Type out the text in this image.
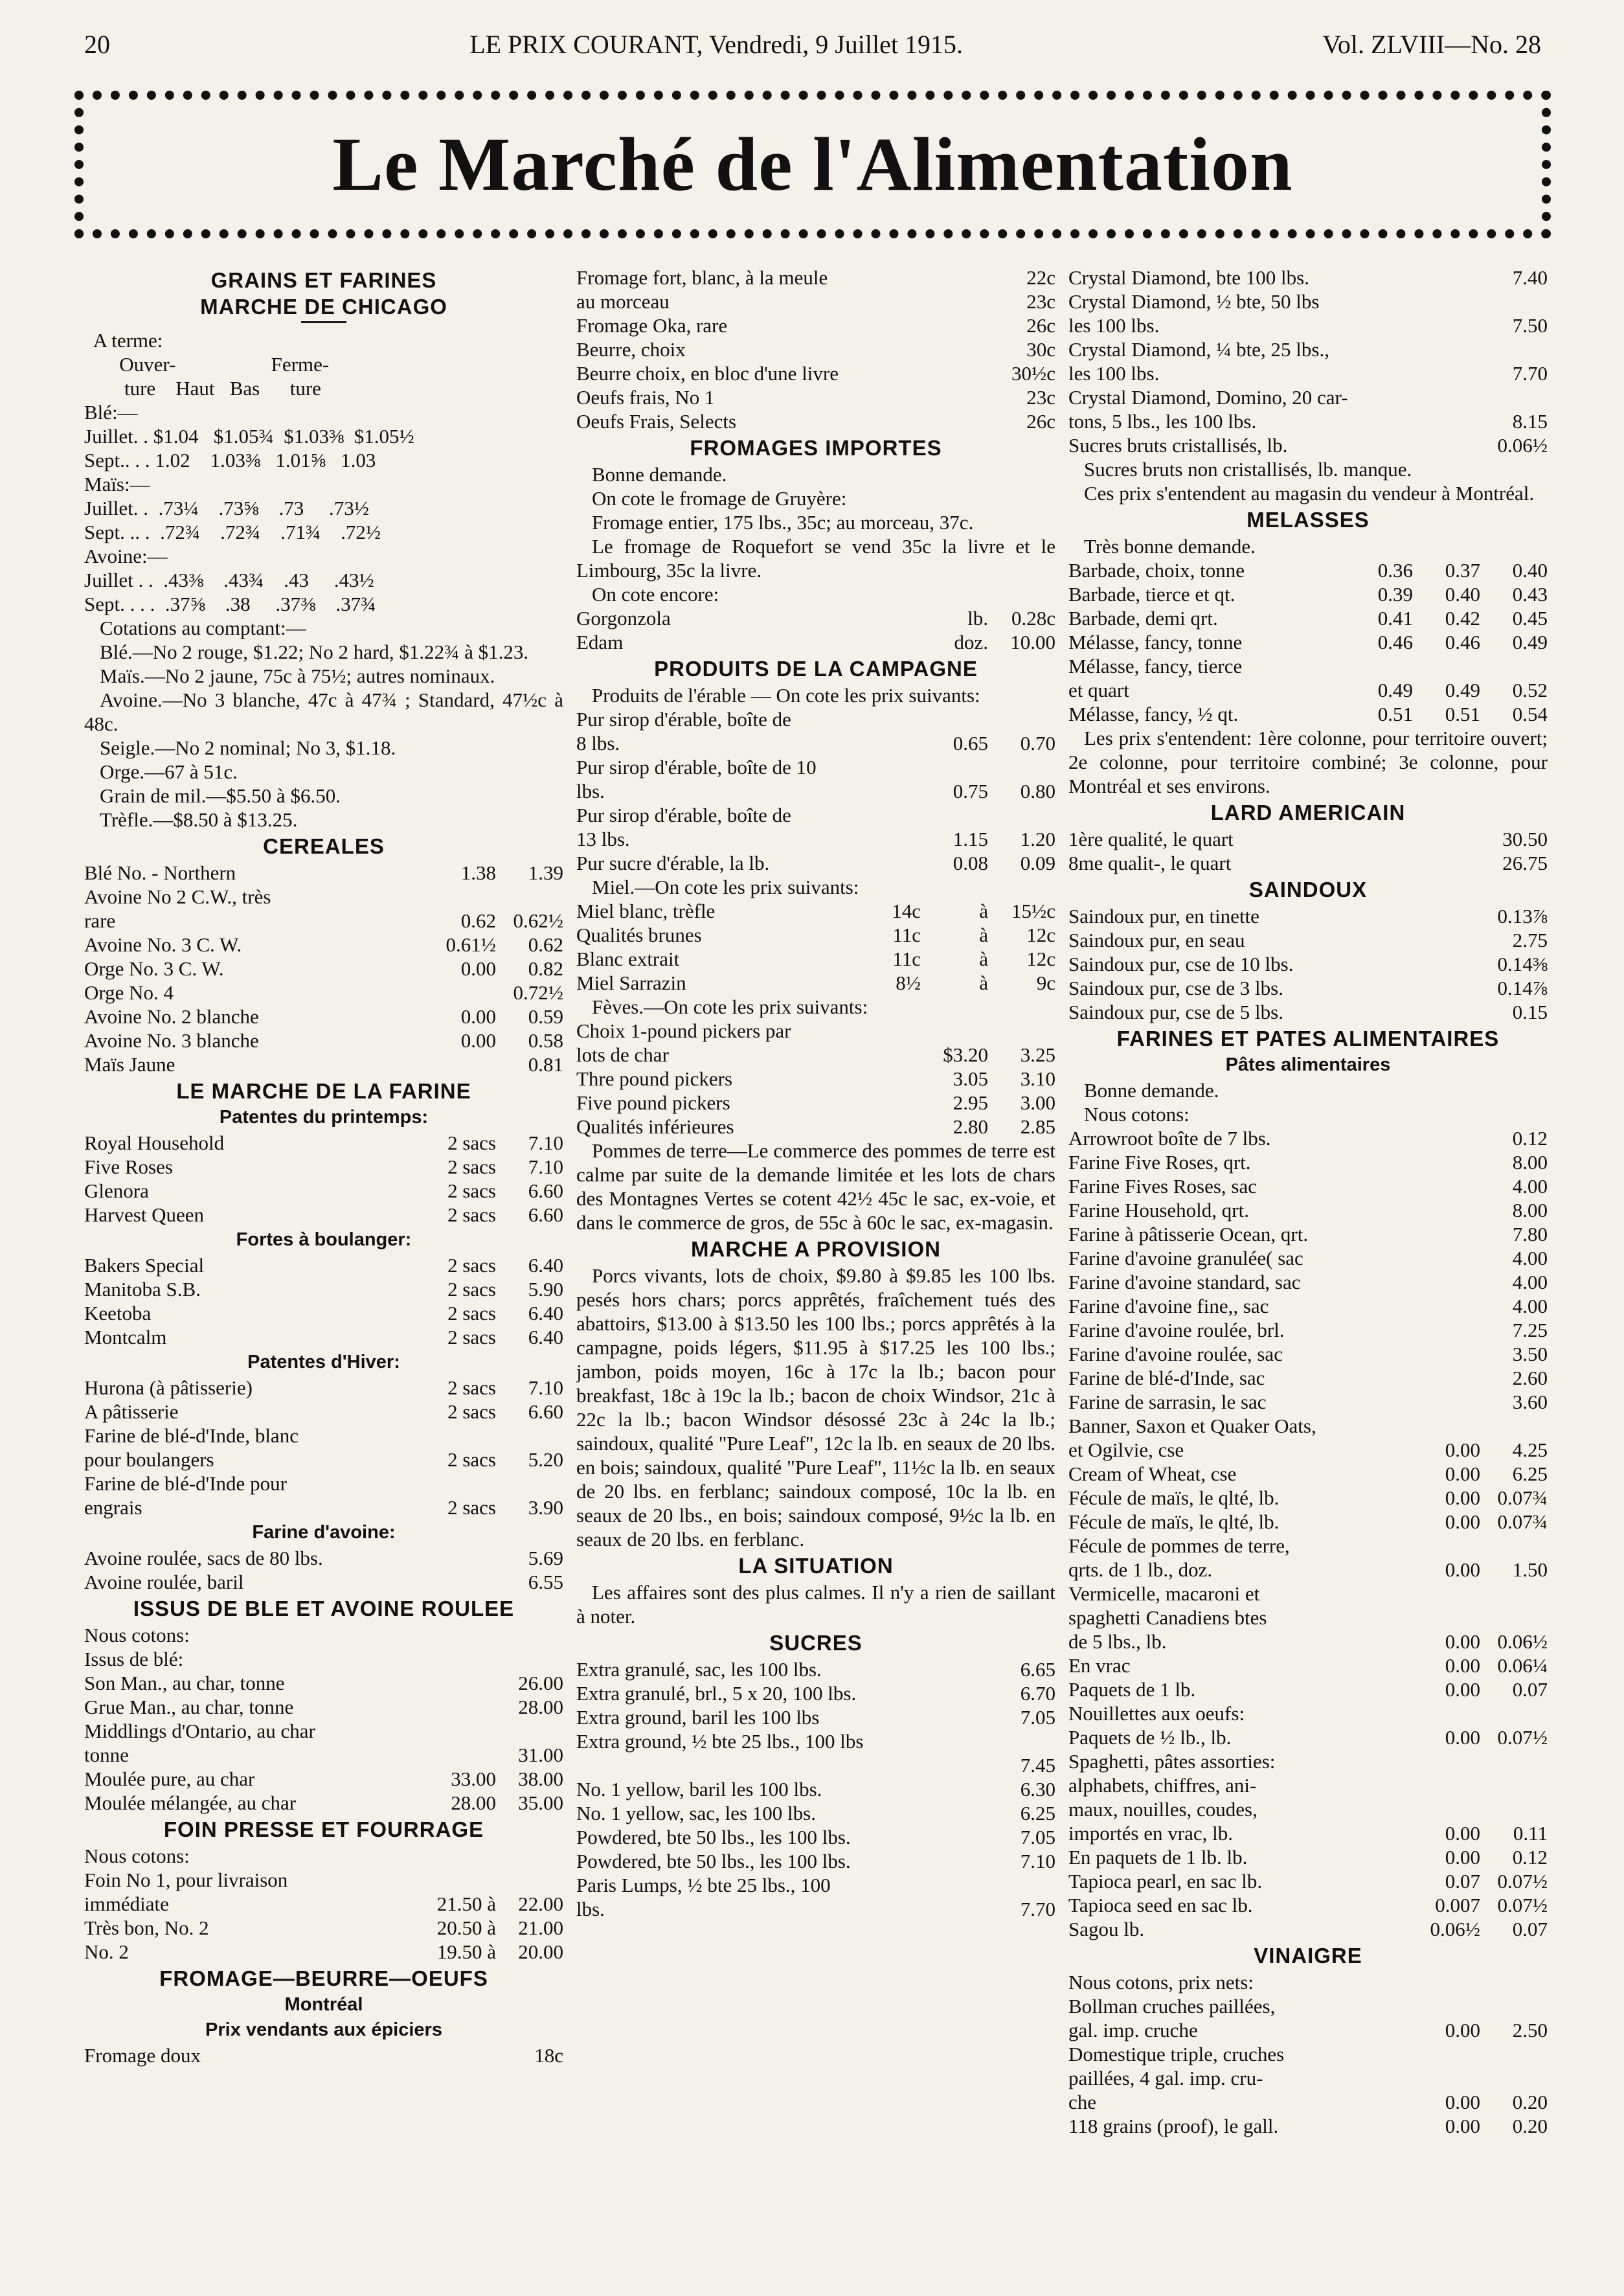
20	LE PRIX COURANT, Vendredi, 9 Juillet 1915.	Vol. ZLVIII—No. 28
Le Marché de l'Alimentation
GRAINS ET FARINES
MARCHE DE CHICAGO
A terme:
Ouver-                   Ferme-
ture    Haut   Bas      ture
Blé:—
Juillet. . $1.04   $1.05¾  $1.03⅜  $1.05½
Sept.. . . 1.02    1.03⅜   1.01⅝   1.03
Maïs:—
Juillet. .  .73¼    .73⅝    .73     .73½
Sept. .. .  .72¾    .72¾    .71¾    .72½
Avoine:—
Juillet . .  .43⅜    .43¾    .43     .43½
Sept. . . .  .37⅝    .38     .37⅜    .37¾

Cotations au comptant:—

Blé.—No 2 rouge, $1.22; No 2 hard, $1.22¾ à $1.23.

Maïs.—No 2 jaune, 75c à 75½; autres nominaux.

Avoine.—No 3 blanche, 47c à 47¾ ; Standard, 47½c à 48c.

Seigle.—No 2 nominal; No 3, $1.18.

Orge.—67 à 51c.

Grain de mil.—$5.50 à $6.50.

Trèfle.—$8.50 à $13.25.

CEREALES
Blé No. - Northern	1.38	1.39
Avoine No 2 C.W., très
rare	0.62 0.62½
Avoine No. 3 C. W.	0.61½	0.62
Orge No. 3 C. W.	0.00	0.82
Orge No. 4	0.72½
Avoine No. 2 blanche	0.00	0.59
Avoine No. 3 blanche	0.00	0.58
Maïs Jaune	0.81
LE MARCHE DE LA FARINE
Patentes du printemps:
Royal Household	2 sacs	7.10
Five Roses	2 sacs	7.10
Glenora	2 sacs	6.60
Harvest Queen	2 sacs	6.60
Fortes à boulanger:
Bakers Special	2 sacs	6.40
Manitoba S.B.	2 sacs	5.90
Keetoba	2 sacs	6.40
Montcalm	2 sacs	6.40
Patentes d'Hiver:
Hurona (à pâtisserie)	2 sacs	7.10
A pâtisserie	2 sacs	6.60
Farine de blé-d'Inde, blanc
pour boulangers	2 sacs	5.20
Farine de blé-d'Inde pour
engrais	2 sacs	3.90
Farine d'avoine:
Avoine roulée, sacs de 80 lbs.	5.69
Avoine roulée, baril	6.55
ISSUS DE BLE ET AVOINE ROULEE
Nous cotons:
Issus de blé:
Son Man., au char, tonne	26.00
Grue Man., au char, tonne	28.00
Middlings d'Ontario, au char
tonne	31.00
Moulée pure, au char	33.00	38.00
Moulée mélangée, au char	28.00	35.00
FOIN PRESSE ET FOURRAGE
Nous cotons:
Foin No 1, pour livraison
immédiate	21.50 à	22.00
Très bon, No. 2	20.50 à	21.00
No. 2	19.50 à	20.00
FROMAGE—BEURRE—OEUFS
Montréal
Prix vendants aux épiciers
Fromage doux	18c
Fromage fort, blanc, à la meule	22c
au morceau	23c
Fromage Oka, rare	26c
Beurre, choix	30c
Beurre choix, en bloc d'une livre	30½c
Oeufs frais, No 1	23c
Oeufs Frais, Selects	26c
FROMAGES IMPORTES

Bonne demande.

On cote le fromage de Gruyère:

Fromage entier, 175 lbs., 35c; au morceau, 37c.

Le fromage de Roquefort se vend 35c la livre et le Limbourg, 35c la livre.

On cote encore:

Gorgonzola	lb.	0.28c
Edam	doz.	10.00
PRODUITS DE LA CAMPAGNE

Produits de l'érable — On cote les prix suivants:

Pur sirop d'érable, boîte de
8 lbs.	0.65	0.70
Pur sirop d'érable, boîte de 10
lbs.	0.75	0.80
Pur sirop d'érable, boîte de
13 lbs.	1.15	1.20
Pur sucre d'érable, la lb.	0.08	0.09

Miel.—On cote les prix suivants:

Miel blanc, trèfle	14c	à	15½c
Qualités brunes	11c	à	12c
Blanc extrait	11c	à	12c
Miel Sarrazin	8½	à	9c

Fèves.—On cote les prix suivants:

Choix 1-pound pickers par
lots de char	$3.20	3.25
Thre pound pickers	3.05	3.10
Five pound pickers	2.95	3.00
Qualités inférieures	2.80	2.85

Pommes de terre—Le commerce des pommes de terre est calme par suite de la demande limitée et les lots de chars des Montagnes Vertes se cotent 42½ 45c le sac, ex-voie, et dans le commerce de gros, de 55c à 60c le sac, ex-magasin.

MARCHE A PROVISION

Porcs vivants, lots de choix, $9.80 à $9.85 les 100 lbs. pesés hors chars; porcs apprêtés, fraîchement tués des abattoirs, $13.00 à $13.50 les 100 lbs.; porcs apprêtés à la campagne, poids légers, $11.95 à $17.25 les 100 lbs.; jambon, poids moyen, 16c à 17c la lb.; bacon pour breakfast, 18c à 19c la lb.; bacon de choix Windsor, 21c à 22c la lb.; bacon Windsor désossé 23c à 24c la lb.; saindoux, qualité "Pure Leaf", 12c la lb. en seaux de 20 lbs. en bois; saindoux, qualité "Pure Leaf", 11½c la lb. en seaux de 20 lbs. en ferblanc; saindoux composé, 10c la lb. en seaux de 20 lbs., en bois; saindoux composé, 9½c la lb. en seaux de 20 lbs. en ferblanc.

LA SITUATION

Les affaires sont des plus calmes. Il n'y a rien de saillant à noter.

SUCRES
Extra granulé, sac, les 100 lbs.	6.65
Extra granulé, brl., 5 x 20, 100 lbs.	6.70
Extra ground, baril les 100 lbs	7.05
Extra ground, ½ bte 25 lbs., 100 lbs
7.45
No. 1 yellow, baril les 100 lbs.	6.30
No. 1 yellow, sac, les 100 lbs.	6.25
Powdered, bte 50 lbs., les 100 lbs.	7.05
Powdered, bte 50 lbs., les 100 lbs.	7.10
Paris Lumps, ½ bte 25 lbs., 100
lbs.	7.70
Crystal Diamond, bte 100 lbs.	7.40
Crystal Diamond, ½ bte, 50 lbs
les 100 lbs.	7.50
Crystal Diamond, ¼ bte, 25 lbs.,
les 100 lbs.	7.70
Crystal Diamond, Domino, 20 car-
tons, 5 lbs., les 100 lbs.	8.15
Sucres bruts cristallisés, lb.	0.06½

Sucres bruts non cristallisés, lb. manque.

Ces prix s'entendent au magasin du vendeur à Montréal.

MELASSES

Très bonne demande.

Barbade, choix, tonne	0.36	0.37	0.40
Barbade, tierce et qt.	0.39	0.40	0.43
Barbade, demi qrt.	0.41	0.42	0.45
Mélasse, fancy, tonne	0.46	0.46	0.49
Mélasse, fancy, tierce
et quart	0.49	0.49	0.52
Mélasse, fancy, ½ qt.	0.51	0.51	0.54

Les prix s'entendent: 1ère colonne, pour territoire ouvert; 2e colonne, pour territoire combiné; 3e colonne, pour Montréal et ses environs.

LARD AMERICAIN
1ère qualité, le quart	30.50
8me qualit-, le quart	26.75
SAINDOUX
Saindoux pur, en tinette	0.13⅞
Saindoux pur, en seau	2.75
Saindoux pur, cse de 10 lbs.	0.14⅜
Saindoux pur, cse de 3 lbs.	0.14⅞
Saindoux pur, cse de 5 lbs.	0.15
FARINES ET PATES ALIMENTAIRES
Pâtes alimentaires

Bonne demande.

Nous cotons:

Arrowroot boîte de 7 lbs.	0.12
Farine Five Roses, qrt.	8.00
Farine Fives Roses, sac	4.00
Farine Household, qrt.	8.00
Farine à pâtisserie Ocean, qrt.	7.80
Farine d'avoine granulée( sac	4.00
Farine d'avoine standard, sac	4.00
Farine d'avoine fine,, sac	4.00
Farine d'avoine roulée, brl.	7.25
Farine d'avoine roulée, sac	3.50
Farine de blé-d'Inde, sac	2.60
Farine de sarrasin, le sac	3.60
Banner, Saxon et Quaker Oats,
et Ogilvie, cse	0.00	4.25
Cream of Wheat, cse	0.00	6.25
Fécule de maïs, le qlté, lb.	0.00 0.07¾
Fécule de maïs, le qlté, lb.	0.00 0.07¾
Fécule de pommes de terre,
qrts. de 1 lb., doz.	0.00	1.50
Vermicelle, macaroni et
spaghetti Canadiens btes
de 5 lbs., lb.	0.00 0.06½
En vrac	0.00 0.06¼
Paquets de 1 lb.	0.00	0.07
Nouillettes aux oeufs:
Paquets de ½ lb., lb.	0.00 0.07½
Spaghetti, pâtes assorties:
alphabets, chiffres, ani-
maux, nouilles, coudes,
importés en vrac, lb.	0.00	0.11
En paquets de 1 lb. lb.	0.00	0.12
Tapioca pearl, en sac lb.	0.07 0.07½
Tapioca seed en sac lb.	0.007 0.07½
Sagou lb.	0.06½	0.07
VINAIGRE
Nous cotons, prix nets:
Bollman cruches paillées,
gal. imp. cruche	0.00	2.50
Domestique triple, cruches
paillées, 4 gal. imp. cru-
che	0.00	0.20
118 grains (proof), le gall.	0.00	0.20
